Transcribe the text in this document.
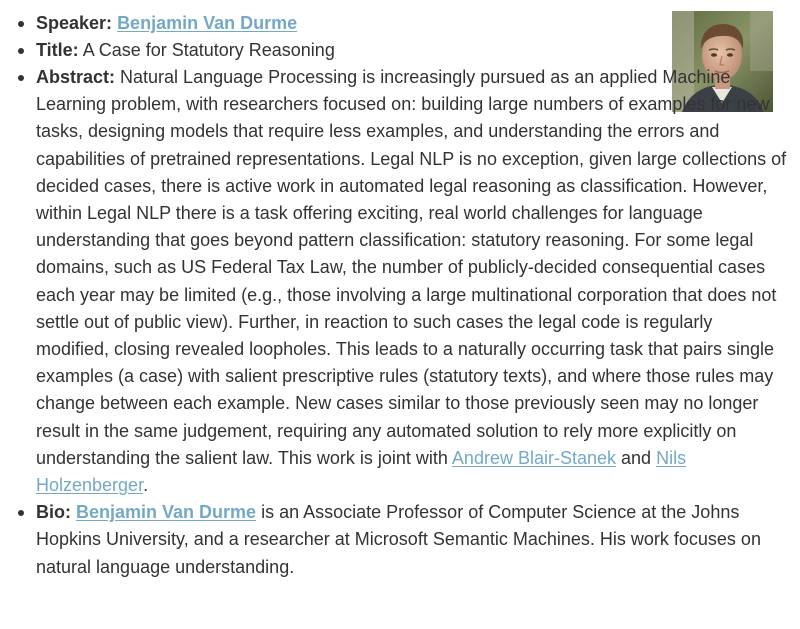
Speaker: Benjamin Van Durme
Title: A Case for Statutory Reasoning
Abstract: Natural Language Processing is increasingly pursued as an applied Machine Learning problem, with researchers focused on: building large numbers of examples for new tasks, designing models that require less examples, and understanding the errors and capabilities of pretrained representations. Legal NLP is no exception, given large collections of decided cases, there is active work in automated legal reasoning as classification. However, within Legal NLP there is a task offering exciting, real world challenges for language understanding that goes beyond pattern classification: statutory reasoning. For some legal domains, such as US Federal Tax Law, the number of publicly-decided consequential cases each year may be limited (e.g., those involving a large multinational corporation that does not settle out of public view). Further, in reaction to such cases the legal code is regularly modified, closing revealed loopholes. This leads to a naturally occurring task that pairs single examples (a case) with salient prescriptive rules (statutory texts), and where those rules may change between each example. New cases similar to those previously seen may no longer result in the same judgement, requiring any automated solution to rely more explicitly on understanding the salient law. This work is joint with Andrew Blair-Stanek and Nils Holzenberger.
Bio: Benjamin Van Durme is an Associate Professor of Computer Science at the Johns Hopkins University, and a researcher at Microsoft Semantic Machines. His work focuses on natural language understanding.
